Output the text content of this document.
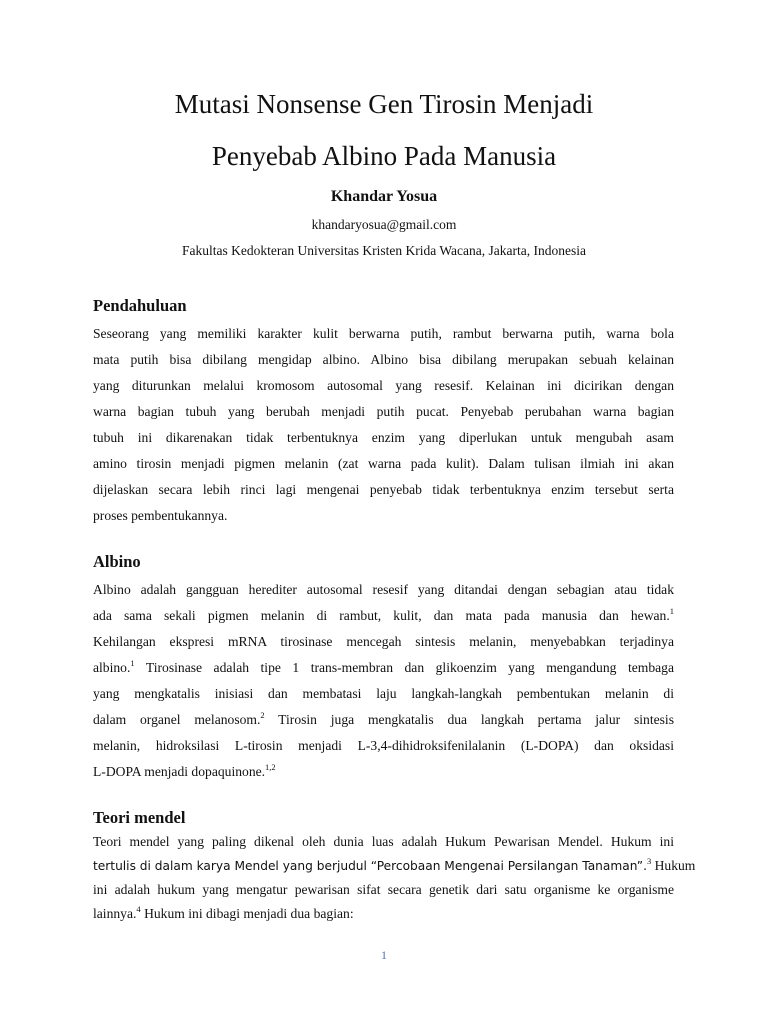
Mutasi Nonsense Gen Tirosin Menjadi
Penyebab Albino Pada Manusia
Khandar Yosua
khandaryosua@gmail.com
Fakultas Kedokteran Universitas Kristen Krida Wacana, Jakarta, Indonesia
Pendahuluan
Seseorang yang memiliki karakter kulit berwarna putih, rambut berwarna putih, warna bola
mata putih bisa dibilang mengidap albino. Albino bisa dibilang merupakan sebuah kelainan
yang diturunkan melalui kromosom autosomal yang resesif. Kelainan ini dicirikan dengan
warna bagian tubuh yang berubah menjadi putih pucat. Penyebab perubahan warna bagian
tubuh ini dikarenakan tidak terbentuknya enzim yang diperlukan untuk mengubah asam
amino tirosin menjadi pigmen melanin (zat warna pada kulit). Dalam tulisan ilmiah ini akan
dijelaskan secara lebih rinci lagi mengenai penyebab tidak terbentuknya enzim tersebut serta
proses pembentukannya.
Albino
Albino adalah gangguan herediter autosomal resesif yang ditandai dengan sebagian atau tidak
ada sama sekali pigmen melanin di rambut, kulit, dan mata pada manusia dan hewan.$^1$
Kehilangan ekspresi mRNA tirosinase mencegah sintesis melanin, menyebabkan terjadinya
albino.$^1$ Tirosinase adalah tipe 1 trans-membran dan glikoenzim yang mengandung tembaga
yang mengkatalis inisiasi dan membatasi laju langkah-langkah pembentukan melanin di
dalam organel melanosom.$^2$ Tirosin juga mengkatalis dua langkah pertama jalur sintesis
melanin, hidroksilasi L-tirosin menjadi L-3,4-dihidroksifenilalanin (L-DOPA) dan oksidasi
L-DOPA menjadi dopaquinone.$^{1,2}$
Teori mendel
Teori mendel yang paling dikenal oleh dunia luas adalah Hukum Pewarisan Mendel. Hukum ini
tertulis di dalam karya Mendel yang berjudul “Percobaan Mengenai Persilangan Tanaman”.$^3$ Hukum
ini adalah hukum yang mengatur pewarisan sifat secara genetik dari satu organisme ke organisme
lainnya.$^4$ Hukum ini dibagi menjadi dua bagian:
1
